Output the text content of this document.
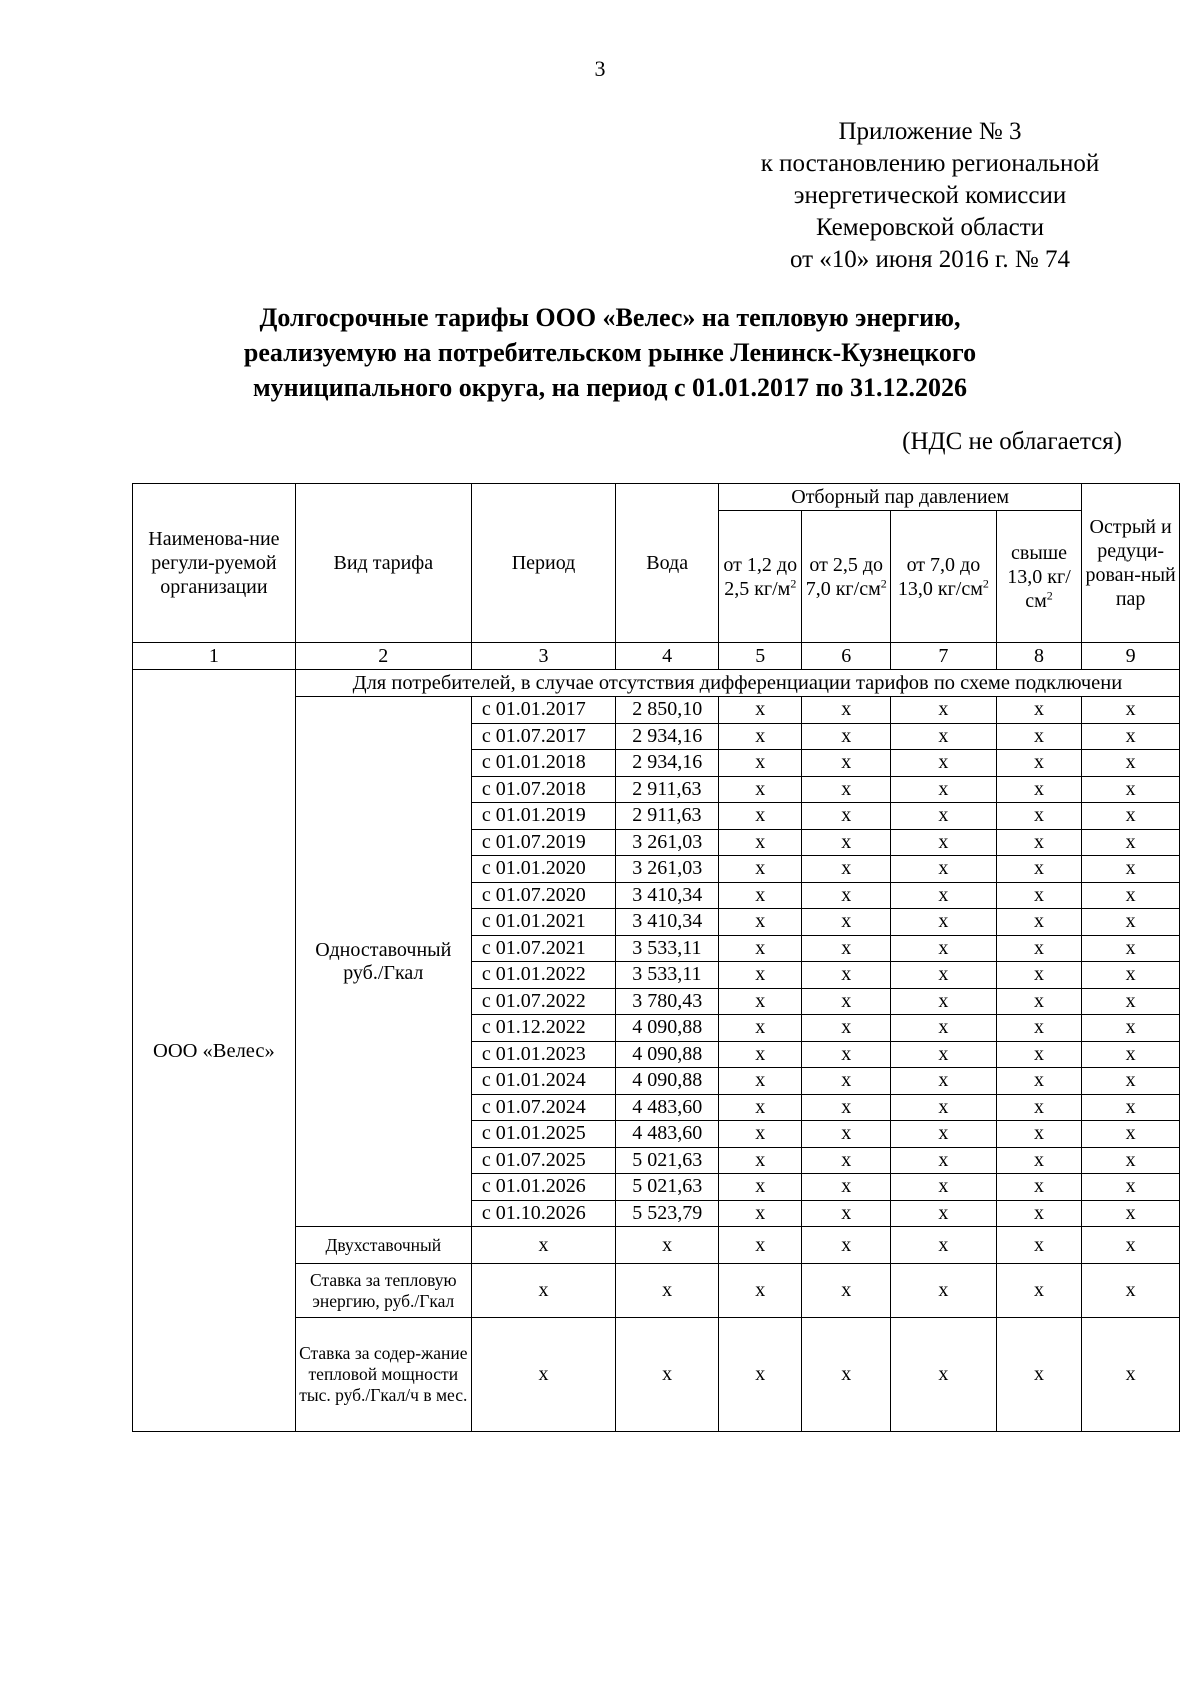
3
Приложение № 3
к постановлению региональной
энергетической комиссии
Кемеровской области
от «10» июня 2016 г. № 74
Долгосрочные тарифы ООО «Велес» на тепловую энергию,
реализуемую на потребительском рынке Ленинск-Кузнецкого
муниципального округа, на период с 01.01.2017 по 31.12.2026
(НДС не облагается)
Наименова-ние регули-руемой организации	Вид тарифа	Период	Вода	Отборный пар давлением				Острый и редуци-рован-ный пар
				от 1,2 до 2,5 $кг/м^2$	от 2,5 до 7,0 $кг/см^2$	от 7,0 до 13,0 $кг/см^2$	свыше 13,0 $кг/см^2$
1	2	3	4	5	6	7	8	9
ООО «Велес»	Для потребителей, в случае отсутствия дифференциации тарифов по схеме подключени							
	Одноставочный руб./Гкал	с 01.01.2017	2 850,10	x	x	x	x	x
		с 01.07.2017	2 934,16	x	x	x	x	x
		с 01.01.2018	2 934,16	x	x	x	x	x
		с 01.07.2018	2 911,63	x	x	x	x	x
		с 01.01.2019	2 911,63	x	x	x	x	x
		с 01.07.2019	3 261,03	x	x	x	x	x
		с 01.01.2020	3 261,03	x	x	x	x	x
		с 01.07.2020	3 410,34	x	x	x	x	x
		с 01.01.2021	3 410,34	x	x	x	x	x
		с 01.07.2021	3 533,11	x	x	x	x	x
		с 01.01.2022	3 533,11	x	x	x	x	x
		с 01.07.2022	3 780,43	x	x	x	x	x
		с 01.12.2022	4 090,88	x	x	x	x	x
		с 01.01.2023	4 090,88	x	x	x	x	x
		с 01.01.2024	4 090,88	x	x	x	x	x
		с 01.07.2024	4 483,60	x	x	x	x	x
		с 01.01.2025	4 483,60	x	x	x	x	x
		с 01.07.2025	5 021,63	x	x	x	x	x
		с 01.01.2026	5 021,63	x	x	x	x	x
		с 01.10.2026	5 523,79	x	x	x	x	x
	Двухставочный	x	x	x	x	x	x	x
	Ставка за тепловую энергию, руб./Гкал	x	x	x	x	x	x	x
	Ставка за содер-жание тепловой мощности тыс. руб./Гкал/ч в мес.	x	x	x	x	x	x	x
